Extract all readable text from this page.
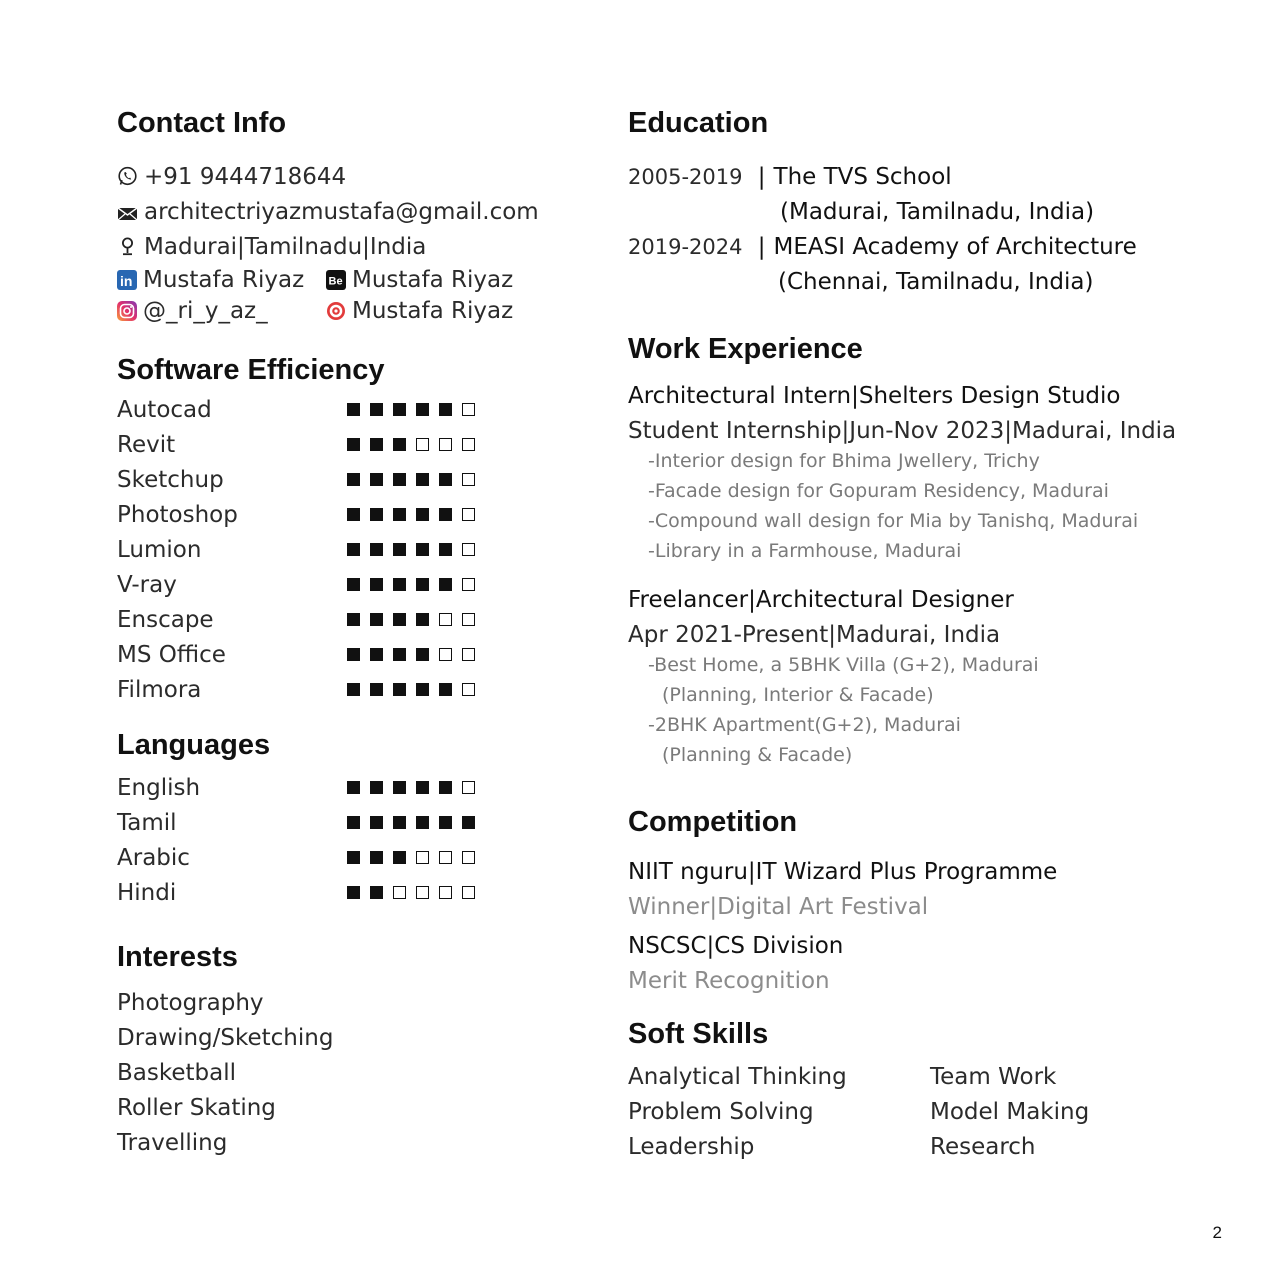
Contact Info
+91 9444718644
architectriyazmustafa@gmail.com
Madurai|Tamilnadu|India
in Mustafa Riyaz Be Mustafa Riyaz
@_ri_y_az_	Mustafa Riyaz
Software Efficiency
Autocad
Revit
Sketchup
Photoshop
Lumion
V-ray
Enscape
MS Office
Filmora
Languages
English
Tamil
Arabic
Hindi
Interests
Photography
Drawing/Sketching
Basketball
Roller Skating
Travelling
Education
2005-2019 | The TVS School
(Madurai, Tamilnadu, India)
2019-2024 | MEASI Academy of Architecture
(Chennai, Tamilnadu, India)
Work Experience
Architectural Intern|Shelters Design Studio
Student Internship|Jun-Nov 2023|Madurai, India
-Interior design for Bhima Jwellery, Trichy
-Facade design for Gopuram Residency, Madurai
-Compound wall design for Mia by Tanishq, Madurai
-Library in a Farmhouse, Madurai
Freelancer|Architectural Designer
Apr 2021-Present|Madurai, India
-Best Home, a 5BHK Villa (G+2), Madurai
(Planning, Interior & Facade)
-2BHK Apartment(G+2), Madurai
(Planning & Facade)
Competition
NIIT nguru|IT Wizard Plus Programme
Winner|Digital Art Festival
NSCSC|CS Division
Merit Recognition
Soft Skills
Analytical Thinking
Problem Solving
Leadership
Team Work
Model Making
Research
2
